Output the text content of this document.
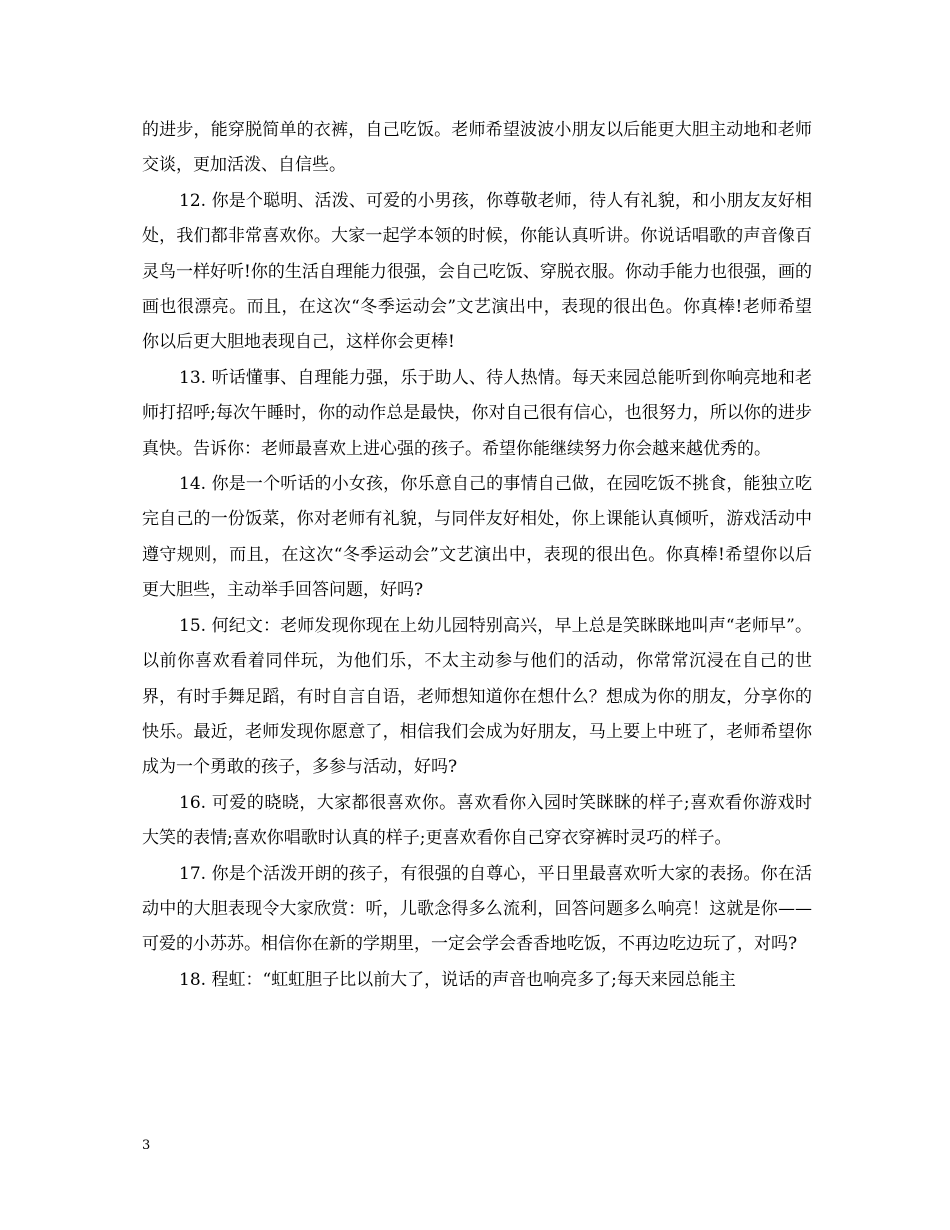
的进步，能穿脱简单的衣裤，自己吃饭。老师希望波波小朋友以后能更大胆主动地和老师交谈，更加活泼、自信些。

12. 你是个聪明、活泼、可爱的小男孩，你尊敬老师，待人有礼貌，和小朋友友好相处，我们都非常喜欢你。大家一起学本领的时候，你能认真听讲。你说话唱歌的声音像百灵鸟一样好听!你的生活自理能力很强，会自己吃饭、穿脱衣服。你动手能力也很强，画的画也很漂亮。而且，在这次“冬季运动会”文艺演出中，表现的很出色。你真棒!老师希望你以后更大胆地表现自己，这样你会更棒!

13. 听话懂事、自理能力强，乐于助人、待人热情。每天来园总能听到你响亮地和老师打招呼;每次午睡时，你的动作总是最快，你对自己很有信心，也很努力，所以你的进步真快。告诉你：老师最喜欢上进心强的孩子。希望你能继续努力你会越来越优秀的。

14. 你是一个听话的小女孩，你乐意自己的事情自己做，在园吃饭不挑食，能独立吃完自己的一份饭菜，你对老师有礼貌，与同伴友好相处，你上课能认真倾听，游戏活动中遵守规则，而且，在这次“冬季运动会”文艺演出中，表现的很出色。你真棒!希望你以后更大胆些，主动举手回答问题，好吗?

15. 何纪文：老师发现你现在上幼儿园特别高兴，早上总是笑眯眯地叫声“老师早”。以前你喜欢看着同伴玩，为他们乐，不太主动参与他们的活动，你常常沉浸在自己的世界，有时手舞足蹈，有时自言自语，老师想知道你在想什么？想成为你的朋友，分享你的快乐。最近，老师发现你愿意了，相信我们会成为好朋友，马上要上中班了，老师希望你成为一个勇敢的孩子，多参与活动，好吗?

16. 可爱的晓晓，大家都很喜欢你。喜欢看你入园时笑眯眯的样子;喜欢看你游戏时大笑的表情;喜欢你唱歌时认真的样子;更喜欢看你自己穿衣穿裤时灵巧的样子。

17. 你是个活泼开朗的孩子，有很强的自尊心，平日里最喜欢听大家的表扬。你在活动中的大胆表现令大家欣赏：听，儿歌念得多么流利，回答问题多么响亮！这就是你——可爱的小苏苏。相信你在新的学期里，一定会学会香香地吃饭，不再边吃边玩了，对吗?

18. 程虹：“虹虹胆子比以前大了，说话的声音也响亮多了;每天来园总能主

3
